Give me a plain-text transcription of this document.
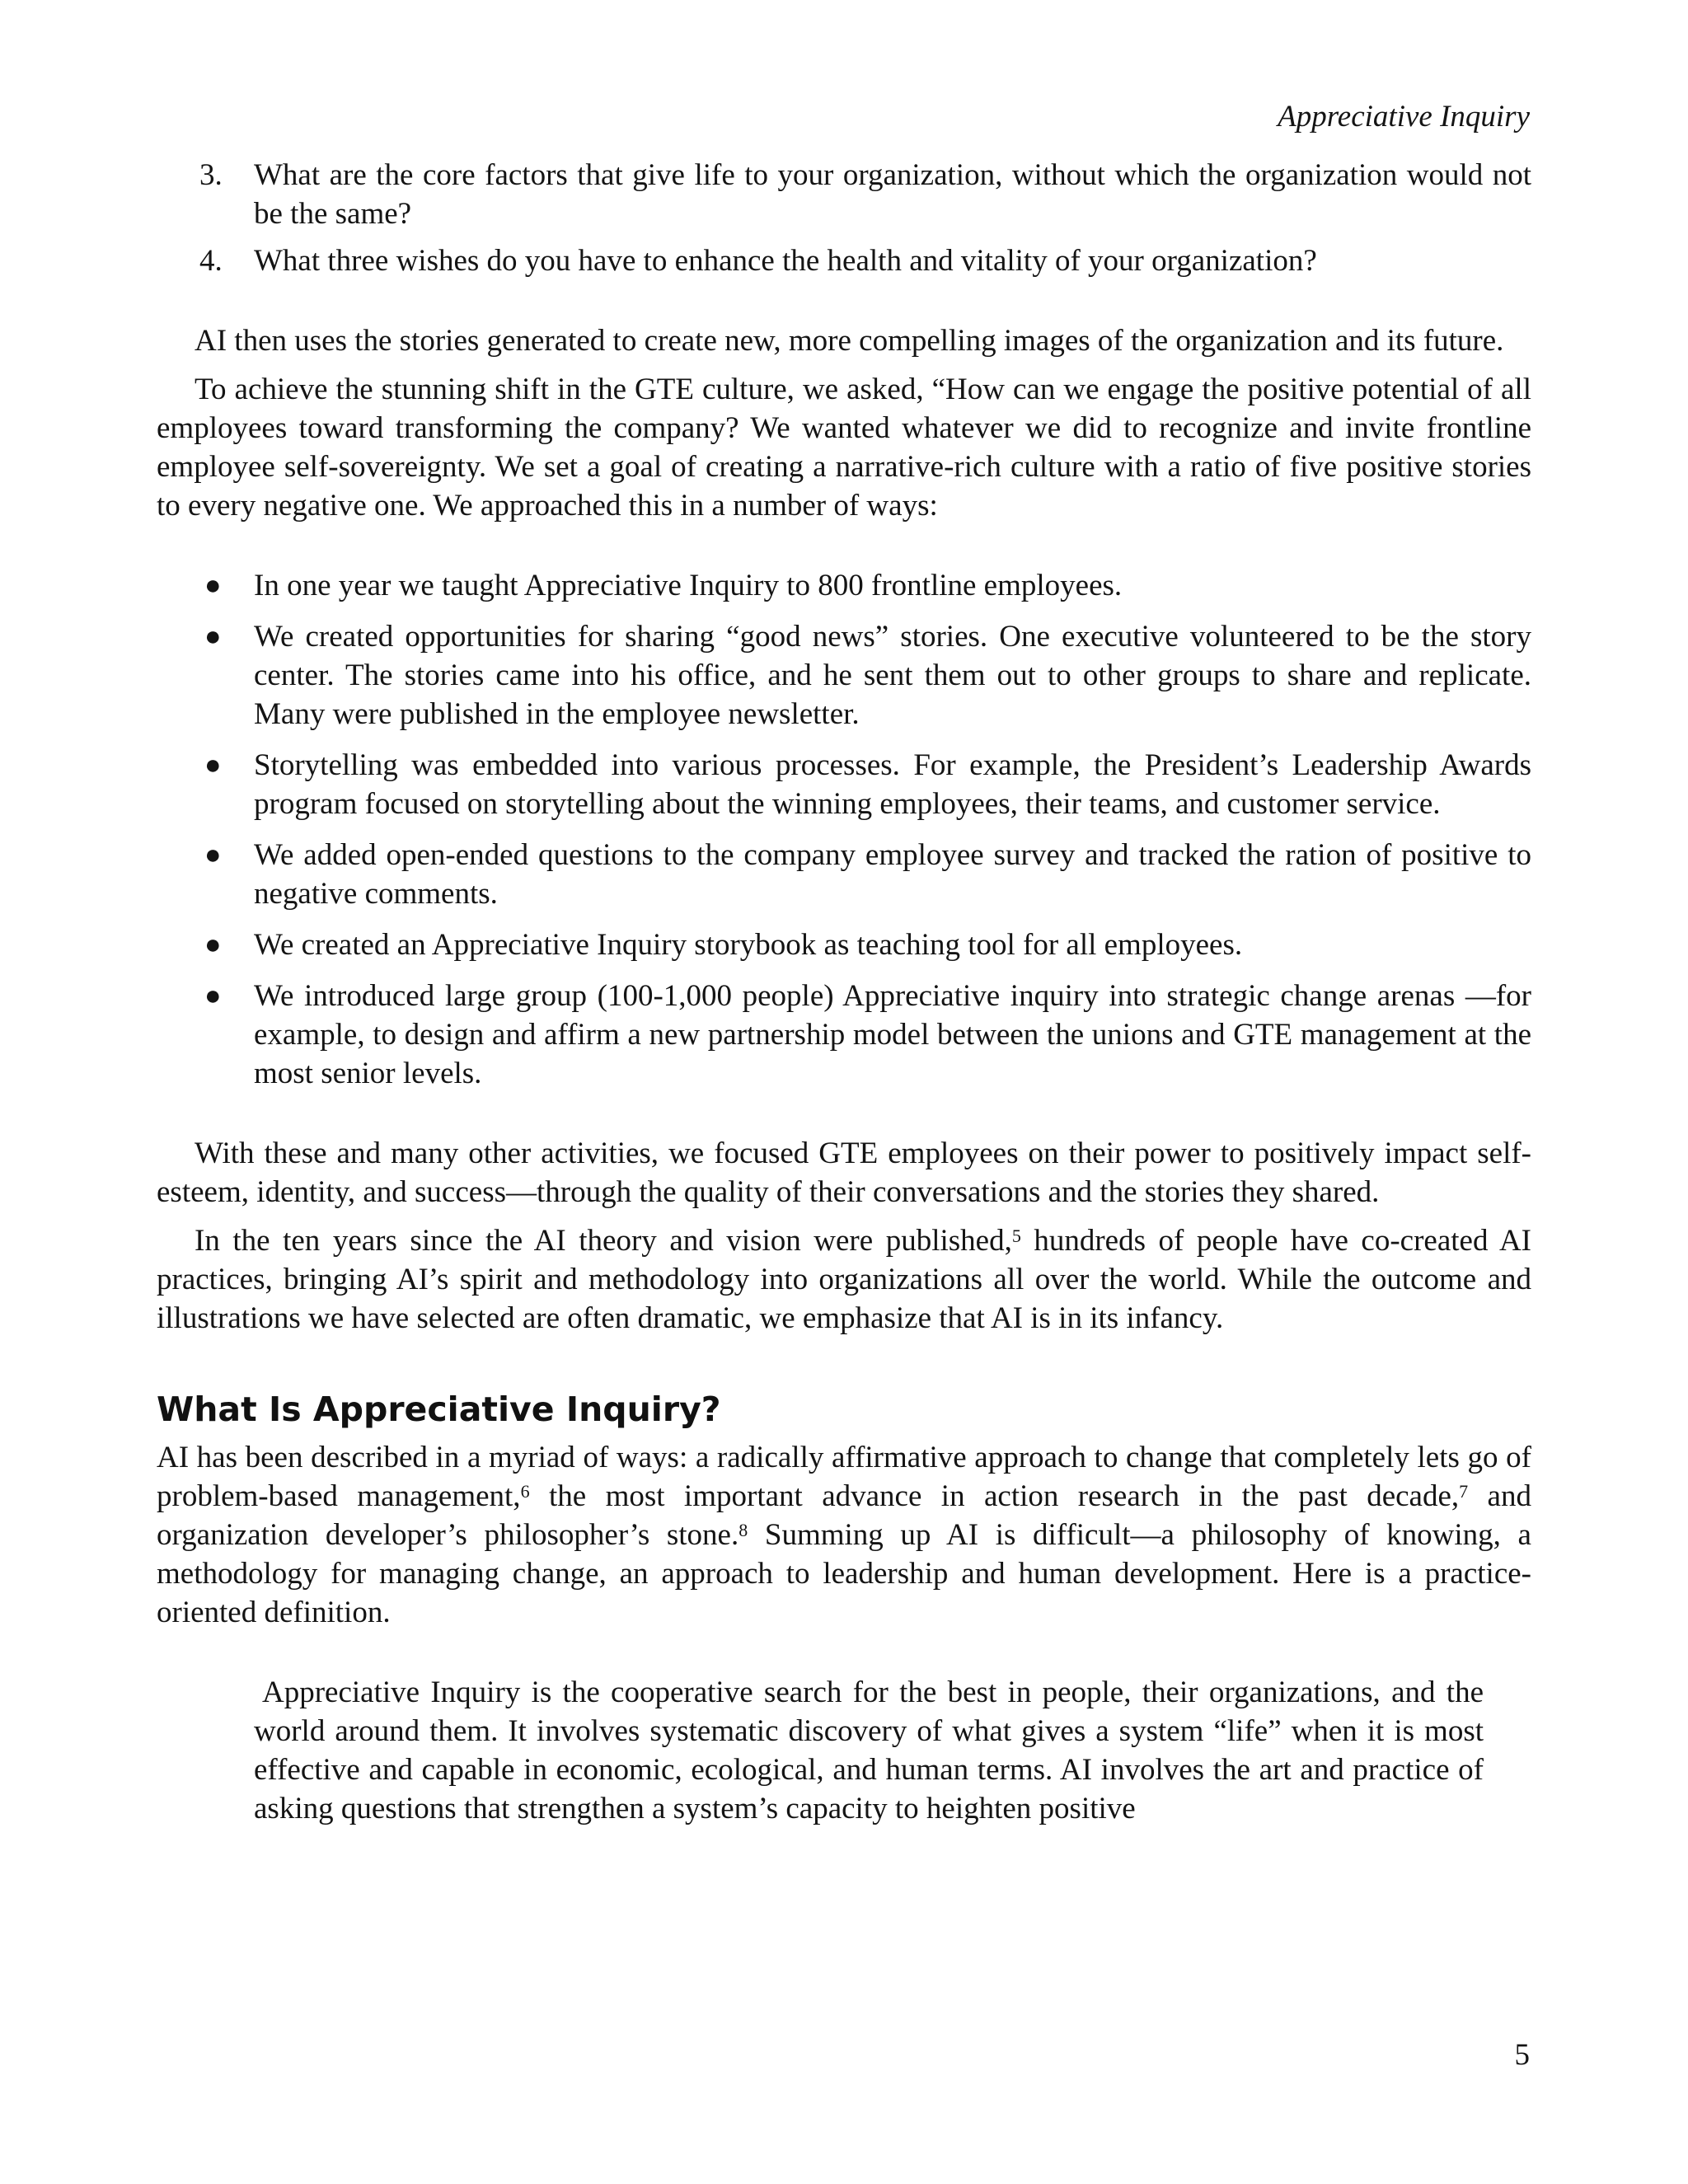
Appreciative Inquiry
3.	What are the core factors that give life to your organization, without which the organization would not be the same?
4.	What three wishes do you have to enhance the health and vitality of your organization?

AI then uses the stories generated to create new, more compelling images of the organization and its future.

To achieve the stunning shift in the GTE culture, we asked, “How can we engage the positive potential of all employees toward transforming the company? We wanted whatever we did to recognize and invite frontline employee self-sovereignty. We set a goal of creating a narrative-rich culture with a ratio of five positive stories to every negative one. We approached this in a number of ways:

●	In one year we taught Appreciative Inquiry to 800 frontline employees.
●	We created opportunities for sharing “good news” stories. One executive volunteered to be the story center. The stories came into his office, and he sent them out to other groups to share and replicate. Many were published in the employee newsletter.
●	Storytelling was embedded into various processes. For example, the President’s Leadership Awards program focused on storytelling about the winning employees, their teams, and customer service.
●	We added open-ended questions to the company employee survey and tracked the ration of positive to negative comments.
●	We created an Appreciative Inquiry storybook as teaching tool for all employees.
●	We introduced large group (100-1,000 people) Appreciative inquiry into strategic change arenas —for example, to design and affirm a new partnership model between the unions and GTE management at the most senior levels.

With these and many other activities, we focused GTE employees on their power to positively impact self-esteem, identity, and success—through the quality of their conversations and the stories they shared.

In the ten years since the AI theory and vision were published,$^5$ hundreds of people have co-created AI practices, bringing AI’s spirit and methodology into organizations all over the world. While the outcome and illustrations we have selected are often dramatic, we emphasize that AI is in its infancy.

What Is Appreciative Inquiry?

AI has been described in a myriad of ways: a radically affirmative approach to change that completely lets go of problem-based management,$^6$ the most important advance in action research in the past decade,$^7$ and organization developer’s philosopher’s stone.$^8$ Summing up AI is difficult—a philosophy of knowing, a methodology for managing change, an approach to leadership and human development. Here is a practice-oriented definition.

Appreciative Inquiry is the cooperative search for the best in people, their organizations, and the world around them. It involves systematic discovery of what gives a system “life” when it is most effective and capable in economic, ecological, and human terms. AI involves the art and practice of asking questions that strengthen a system’s capacity to heighten positive

5
